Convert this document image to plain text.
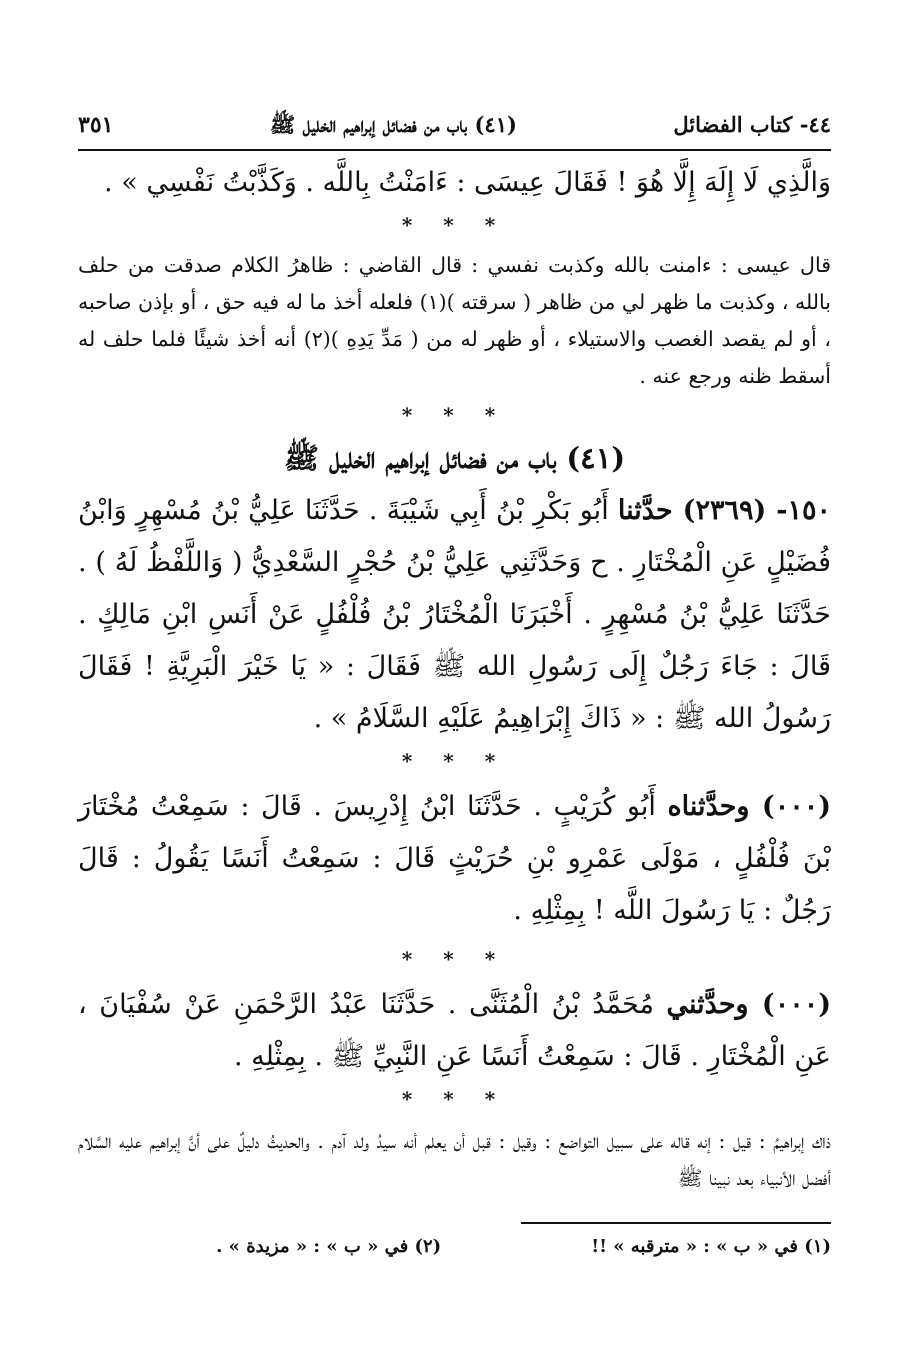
٤٤- كتاب الفضائل
(٤١) باب من فضائل إبراهيم الخليل ﷺ
٣٥١

وَالَّذِي لَا إِلَهَ إِلَّا هُوَ ! فَقَالَ عِيسَى : ءَامَنْتُ بِاللَّه . وَكَذَّبْتُ نَفْسِي » .

* * *

قال عيسى : ءامنت بالله وكذبت نفسي : قال القاضي : ظاهرُ الكلام صدقت من حلف بالله ، وكذبت ما ظهر لي من ظاهر ( سرقته )(١) فلعله أخذ ما له فيه حق ، أو بإذن صاحبه ، أو لم يقصد الغصب والاستيلاء ، أو ظهر له من ( مَدِّ يَدِهِ )(٢) أنه أخذ شيئًا فلما حلف له أسقط ظنه ورجع عنه .

* * *
(٤١) باب من فضائل إبراهيم الخليل ﷺ

١٥٠- (٢٣٦٩) حدَّثنا أَبُو بَكْرِ بْنُ أَبِي شَيْبَةَ . حَدَّثَنَا عَلِيُّ بْنُ مُسْهِرٍ وَابْنُ فُضَيْلٍ عَنِ الْمُخْتَارِ . ح وَحَدَّثَنِي عَلِيُّ بْنُ حُجْرٍ السَّعْدِيُّ ( وَاللَّفْظُ لَهُ ) . حَدَّثَنَا عَلِيُّ بْنُ مُسْهِرٍ . أَخْبَرَنَا الْمُخْتَارُ بْنُ فُلْفُلٍ عَنْ أَنَسِ ابْنِ مَالِكٍ . قَالَ : جَاءَ رَجُلٌ إِلَى رَسُولِ الله ﷺ فَقَالَ : « يَا خَيْرَ الْبَرِيَّةِ ! فَقَالَ رَسُولُ الله ﷺ : « ذَاكَ إِبْرَاهِيمُ عَلَيْهِ السَّلَامُ » .

* * *

(٠٠٠) وحدَّثناه أَبُو كُرَيْبٍ . حَدَّثَنَا ابْنُ إِدْرِيسَ . قَالَ : سَمِعْتُ مُخْتَارَ بْنَ فُلْفُلٍ ، مَوْلَى عَمْرِو بْنِ حُرَيْثٍ قَالَ : سَمِعْتُ أَنَسًا يَقُولُ : قَالَ رَجُلٌ : يَا رَسُولَ اللَّه ! بِمِثْلِهِ .

* * *

(٠٠٠) وحدَّثني مُحَمَّدُ بْنُ الْمُثَنَّى . حَدَّثَنَا عَبْدُ الرَّحْمَنِ عَنْ سُفْيَانَ ، عَنِ الْمُخْتَارِ . قَالَ : سَمِعْتُ أَنَسًا عَنِ النَّبِيِّ ﷺ . بِمِثْلِهِ .

* * *

ذاك إبراهيمُ : قيل : إنه قاله على سبيل التواضع : وقيل : قبل أن يعلم أنه سيدُ ولد آدم . والحديثُ دليلٌ على أنَّ إبراهيم عليه السَّلام أفضل الأنبياء بعد نبينا ﷺ

(١) في « ب » : « مترقبه » !!
(٢) في « ب » : « مزيدة » .
